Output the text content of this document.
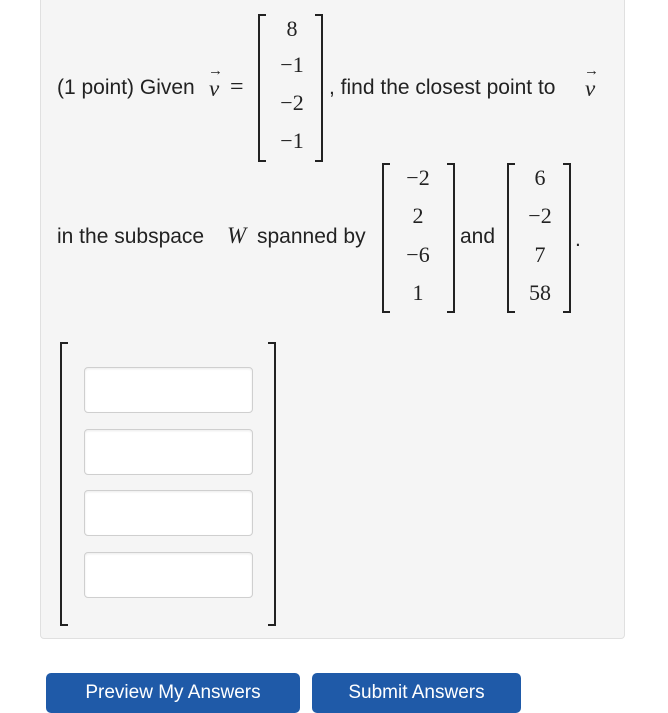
(1 point) Given
→
v =
8
−1
−2
−1
, find the closest point to
→
v
in the subspace W spanned by
−2
2
−6
1
and
6
−2
7
58
.
Preview My Answers	Submit Answers
